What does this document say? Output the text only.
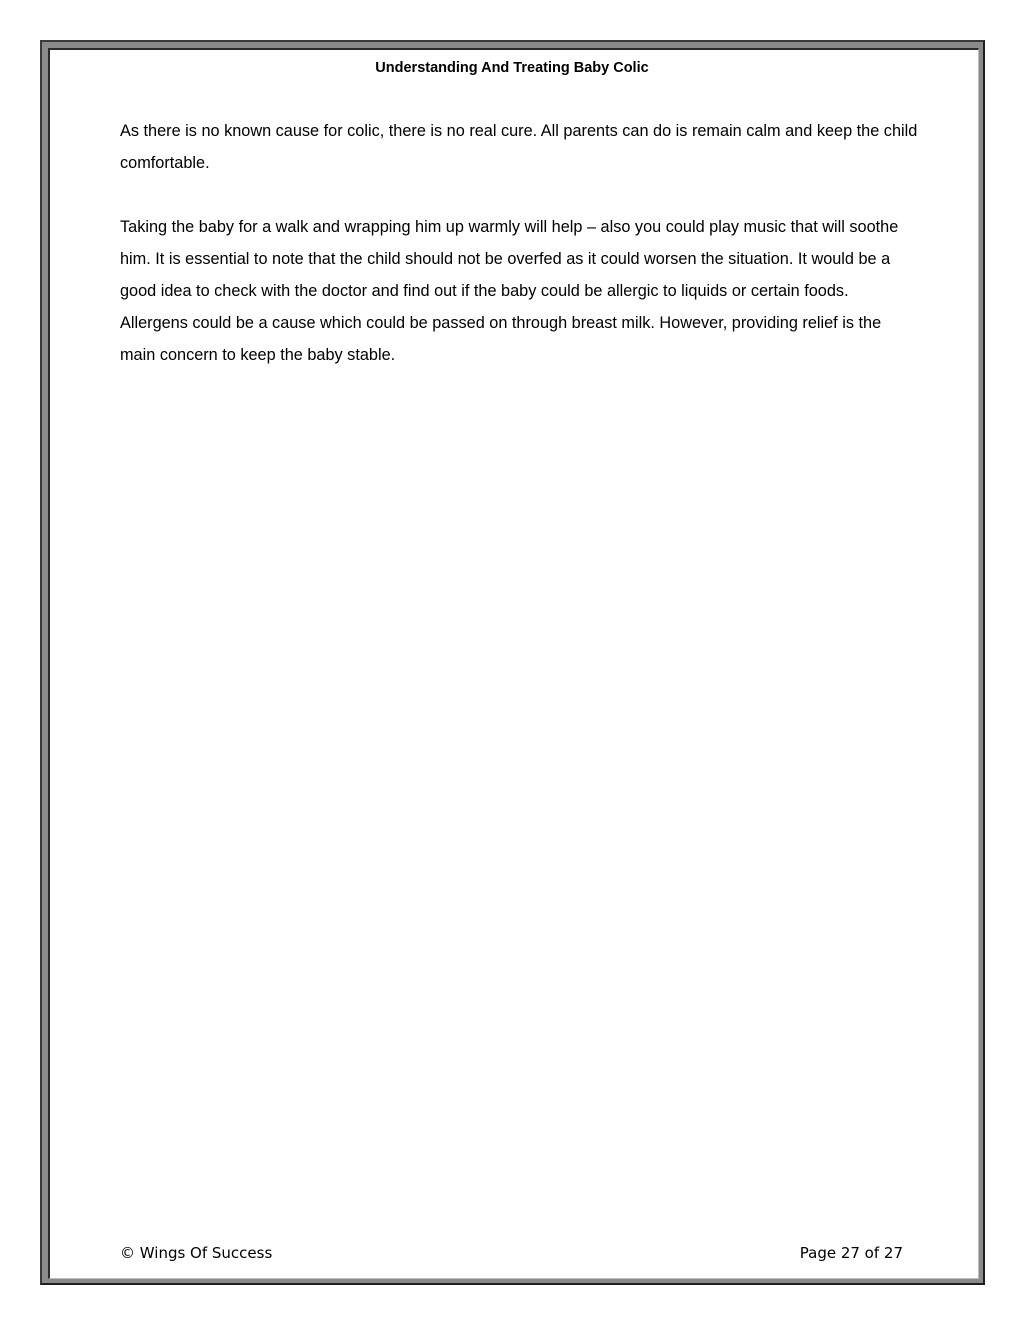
Understanding And Treating Baby Colic

As there is no known cause for colic, there is no real cure. All parents can do is remain calm and keep the child comfortable.

Taking the baby for a walk and wrapping him up warmly will help – also you could play music that will soothe him. It is essential to note that the child should not be overfed as it could worsen the situation. It would be a good idea to check with the doctor and find out if the baby could be allergic to liquids or certain foods. Allergens could be a cause which could be passed on through breast milk. However, providing relief is the main concern to keep the baby stable.

© Wings Of Success	Page 27 of 27
